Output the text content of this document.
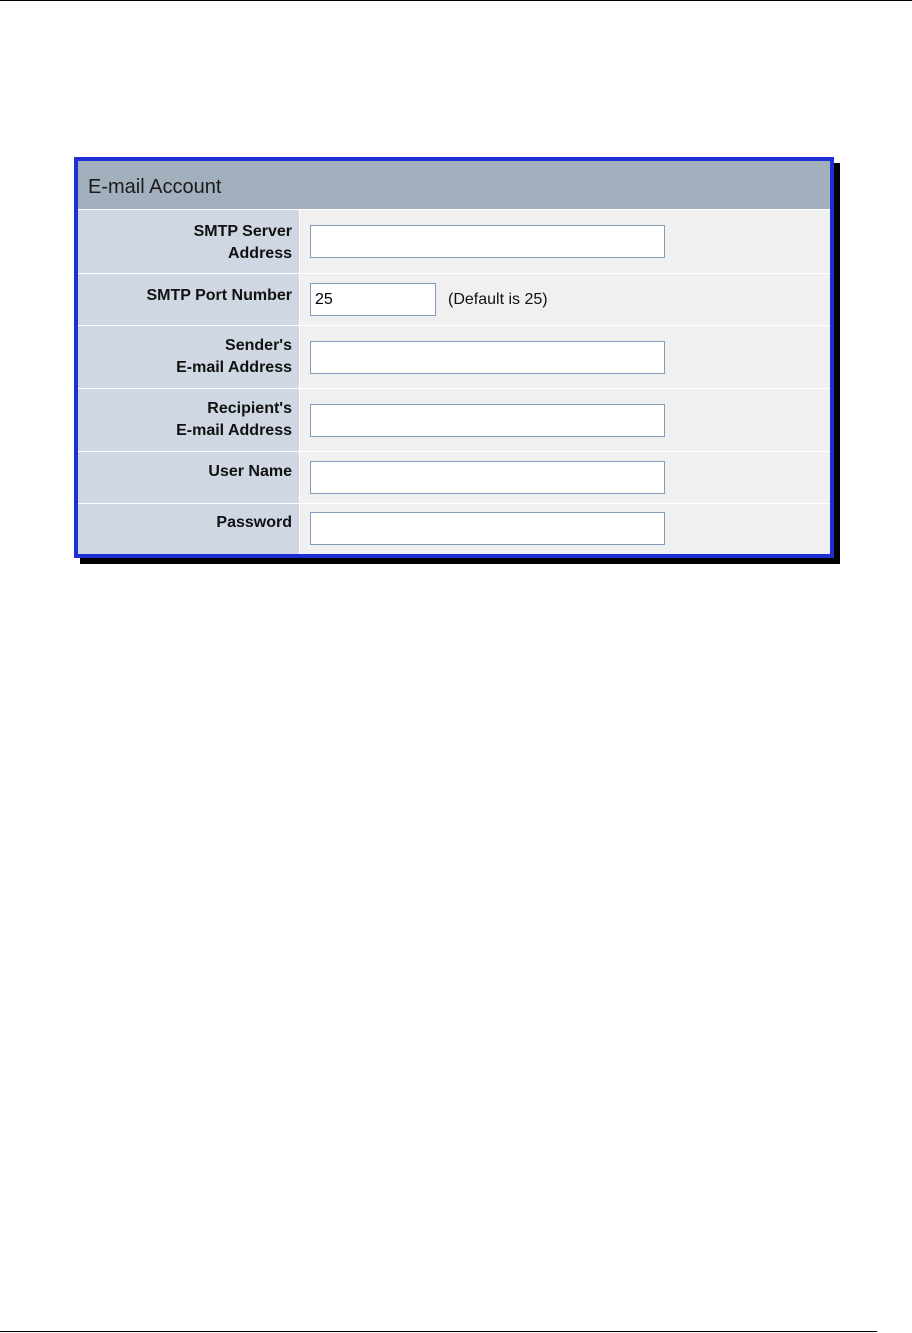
E-mail Account
SMTP Server
Address
SMTP Port Number
25	(Default is 25)
Sender's
E-mail Address
Recipient's
E-mail Address
User Name
Password
